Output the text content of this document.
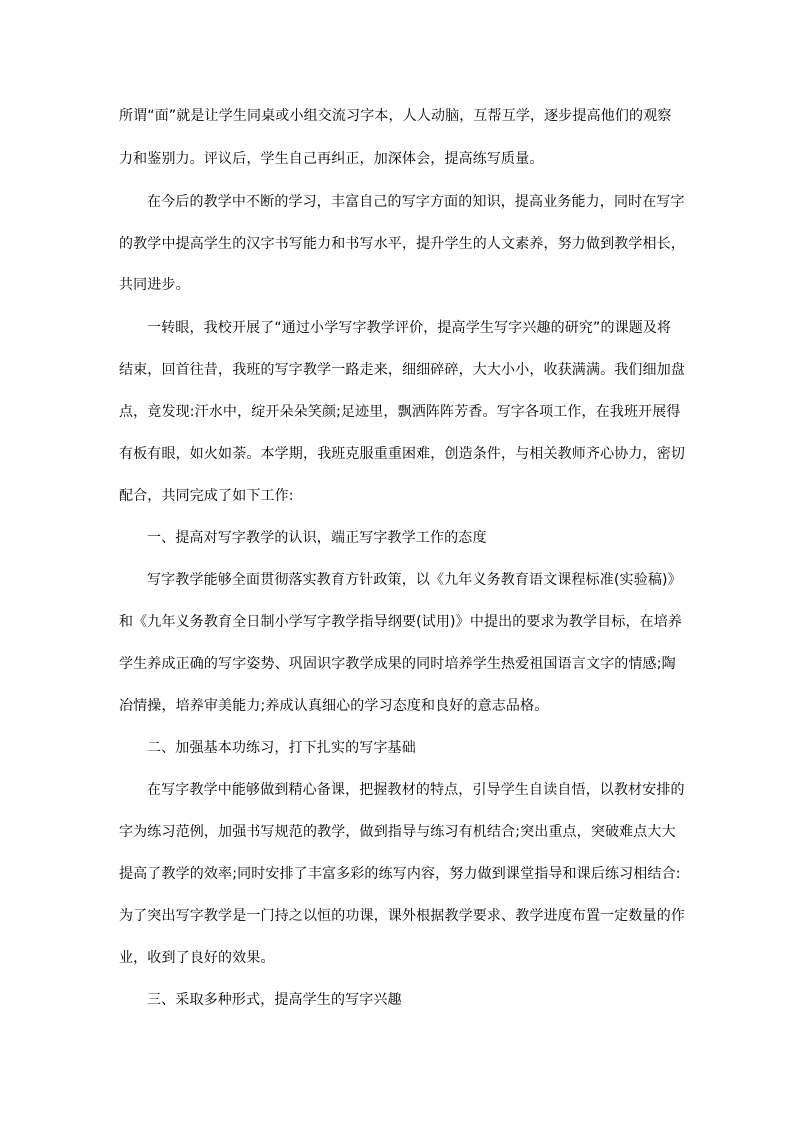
所谓“面”就是让学生同桌或小组交流习字本，人人动脑，互帮互学，逐步提高他们的观察
力和鉴别力。评议后，学生自己再纠正，加深体会，提高练写质量。
在今后的教学中不断的学习，丰富自己的写字方面的知识，提高业务能力，同时在写字
的教学中提高学生的汉字书写能力和书写水平，提升学生的人文素养，努力做到教学相长，
共同进步。
一转眼，我校开展了“通过小学写字教学评价，提高学生写字兴趣的研究”的课题及将
结束，回首往昔，我班的写字教学一路走来，细细碎碎，大大小小，收获满满。我们细加盘
点，竟发现:汗水中，绽开朵朵笑颜;足迹里，飘洒阵阵芳香。写字各项工作，在我班开展得
有板有眼，如火如荼。本学期，我班克服重重困难，创造条件，与相关教师齐心协力，密切
配合，共同完成了如下工作:
一、提高对写字教学的认识，端正写字教学工作的态度
写字教学能够全面贯彻落实教育方针政策，以《九年义务教育语文课程标准(实验稿)》
和《九年义务教育全日制小学写字教学指导纲要(试用)》中提出的要求为教学目标，在培养
学生养成正确的写字姿势、巩固识字教学成果的同时培养学生热爱祖国语言文字的情感;陶
冶情操，培养审美能力;养成认真细心的学习态度和良好的意志品格。
二、加强基本功练习，打下扎实的写字基础
在写字教学中能够做到精心备课，把握教材的特点，引导学生自读自悟，以教材安排的
字为练习范例，加强书写规范的教学，做到指导与练习有机结合;突出重点，突破难点大大
提高了教学的效率;同时安排了丰富多彩的练写内容，努力做到课堂指导和课后练习相结合:
为了突出写字教学是一门持之以恒的功课，课外根据教学要求、教学进度布置一定数量的作
业，收到了良好的效果。
三、采取多种形式，提高学生的写字兴趣
